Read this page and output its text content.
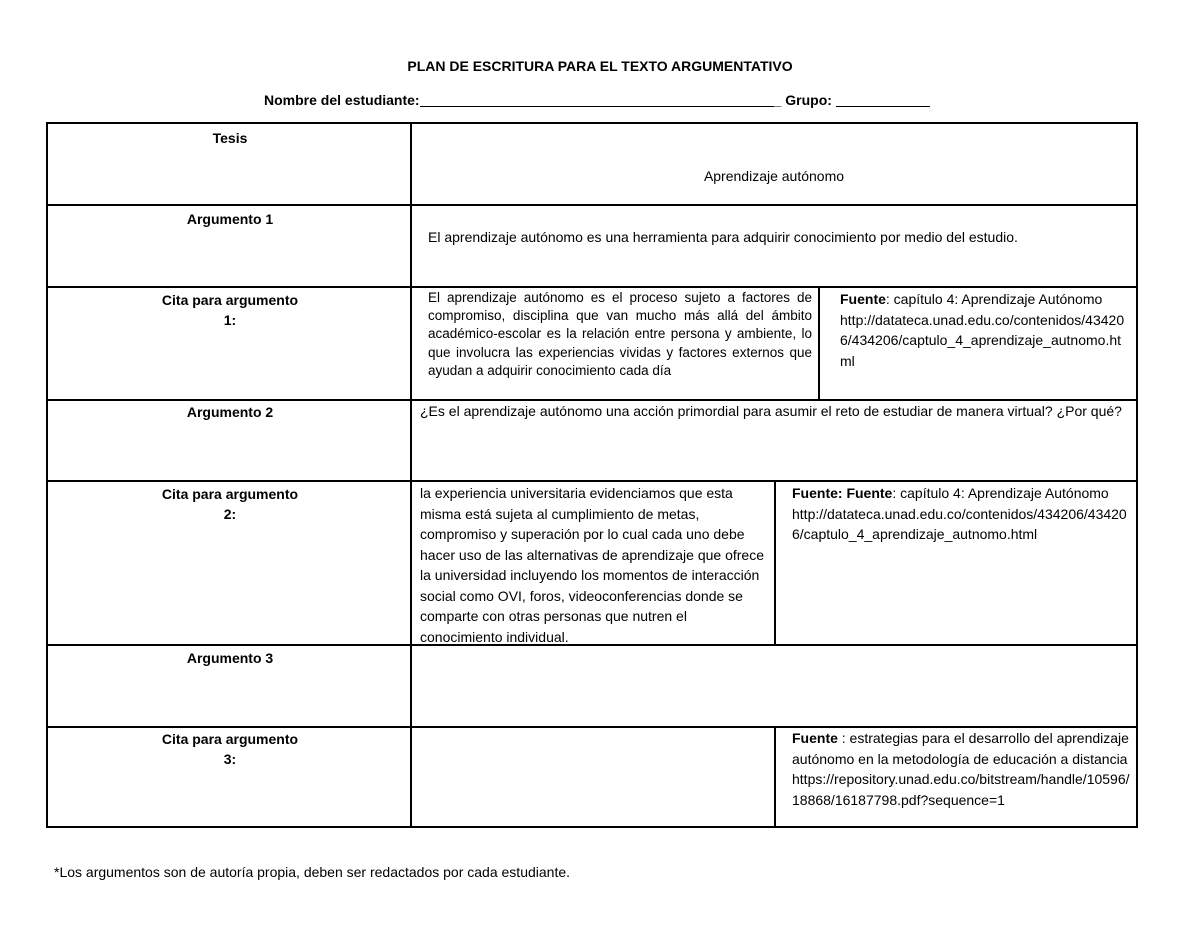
PLAN DE ESCRITURA PARA EL TEXTO ARGUMENTATIVO
Nombre del estudiante:	_ Grupo:
Tesis
Aprendizaje autónomo
Argumento 1
El aprendizaje autónomo es una herramienta para adquirir conocimiento por medio del estudio.
Cita para argumento
1:
El aprendizaje autónomo es el proceso sujeto a factores de compromiso, disciplina que van mucho más allá del ámbito académico-escolar es la relación entre persona y ambiente, lo que involucra las experiencias vividas y factores externos que ayudan a adquirir conocimiento cada día
Fuente: capítulo 4: Aprendizaje Autónomo
http://datateca.unad.edu.co/contenidos/434206/434206/captulo_4_aprendizaje_autnomo.html
Argumento 2	¿Es el aprendizaje autónomo una acción primordial para asumir el reto de estudiar de manera virtual? ¿Por qué?
Cita para argumento
2:
la experiencia universitaria evidenciamos que esta misma está sujeta al cumplimiento de metas, compromiso y superación por lo cual cada uno debe hacer uso de las alternativas de aprendizaje que ofrece la universidad incluyendo los momentos de interacción social como OVI, foros, videoconferencias donde se comparte con otras personas que nutren el conocimiento individual.
Fuente: Fuente: capítulo 4: Aprendizaje Autónomo
http://datateca.unad.edu.co/contenidos/434206/434206/captulo_4_aprendizaje_autnomo.html
Argumento 3
Cita para argumento
3:
Fuente : estrategias para el desarrollo del aprendizaje autónomo en la metodología de educación a distancia
https://repository.unad.edu.co/bitstream/handle/10596/18868/16187798.pdf?sequence=1
*Los argumentos son de autoría propia, deben ser redactados por cada estudiante.
